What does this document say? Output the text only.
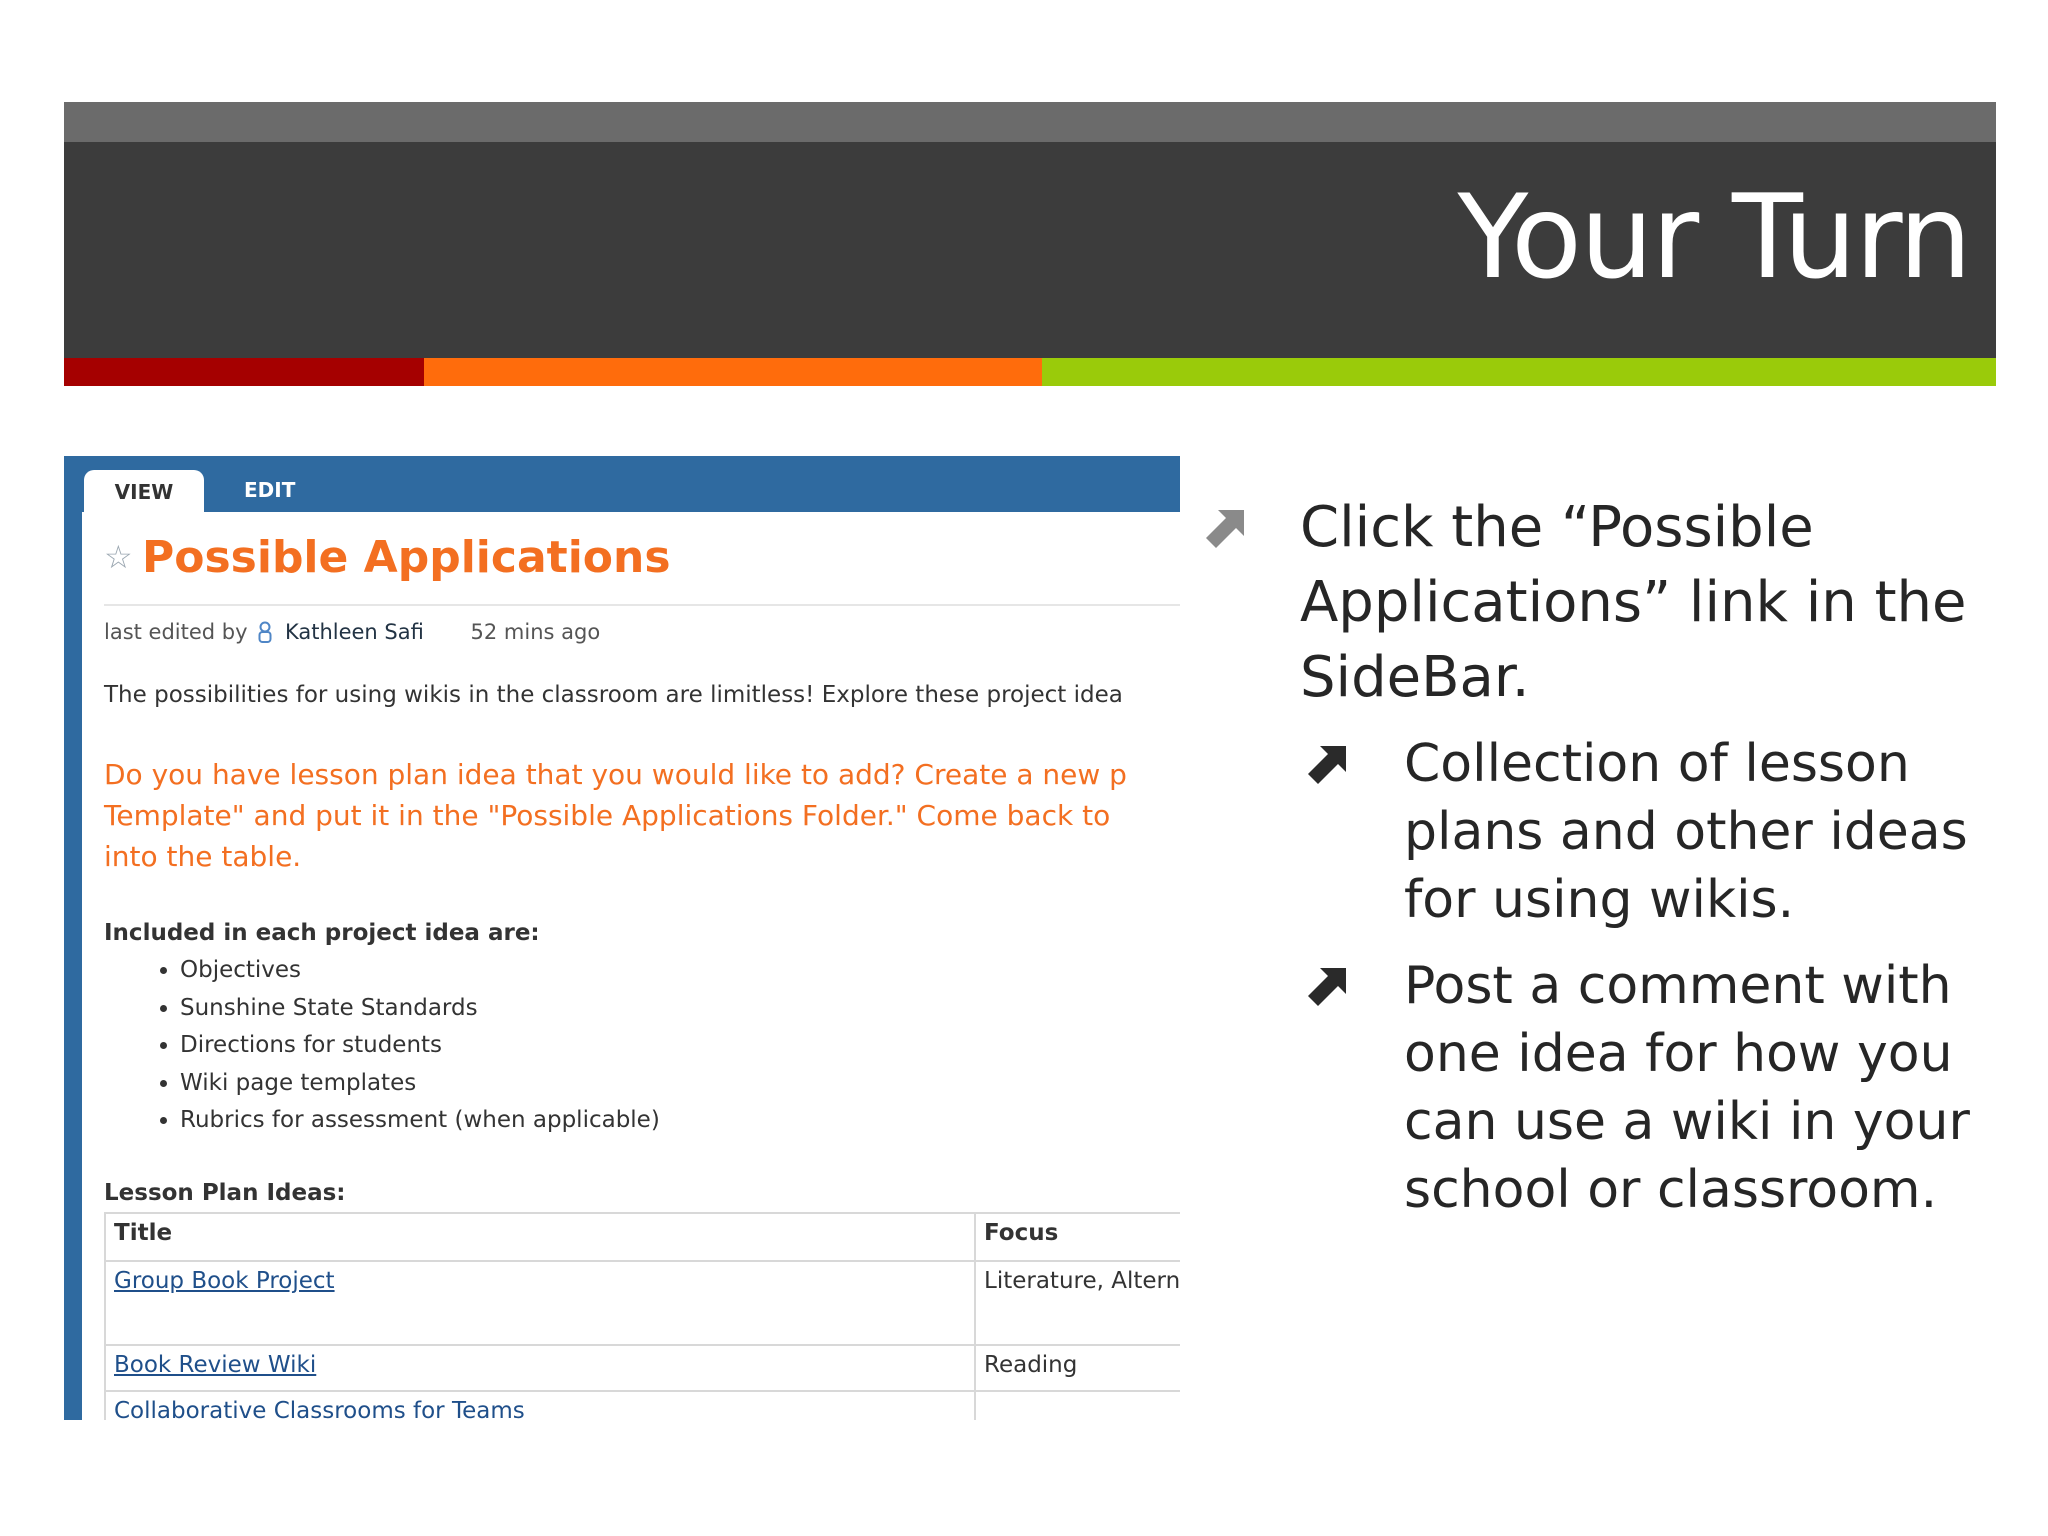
Your Turn
VIEW	EDIT
☆ Possible Applications
last edited by Kathleen Safi 52 mins ago
The possibilities for using wikis in the classroom are limitless! Explore these project idea
Do you have lesson plan idea that you would like to add? Create a new p
Template" and put it in the "Possible Applications Folder." Come back to
into the table.
Included in each project idea are:
• Objectives
• Sunshine State Standards
• Directions for students
• Wiki page templates
• Rubrics for assessment (when applicable)
Lesson Plan Ideas:
Title	Focus
Group Book Project	Literature, Altern
Book Review Wiki	Reading
Collaborative Classrooms for Teams	
Click the “Possible Applications” link in the SideBar.
Collection of lesson plans and other ideas for using wikis.
Post a comment with one idea for how you can use a wiki in your school or classroom.
